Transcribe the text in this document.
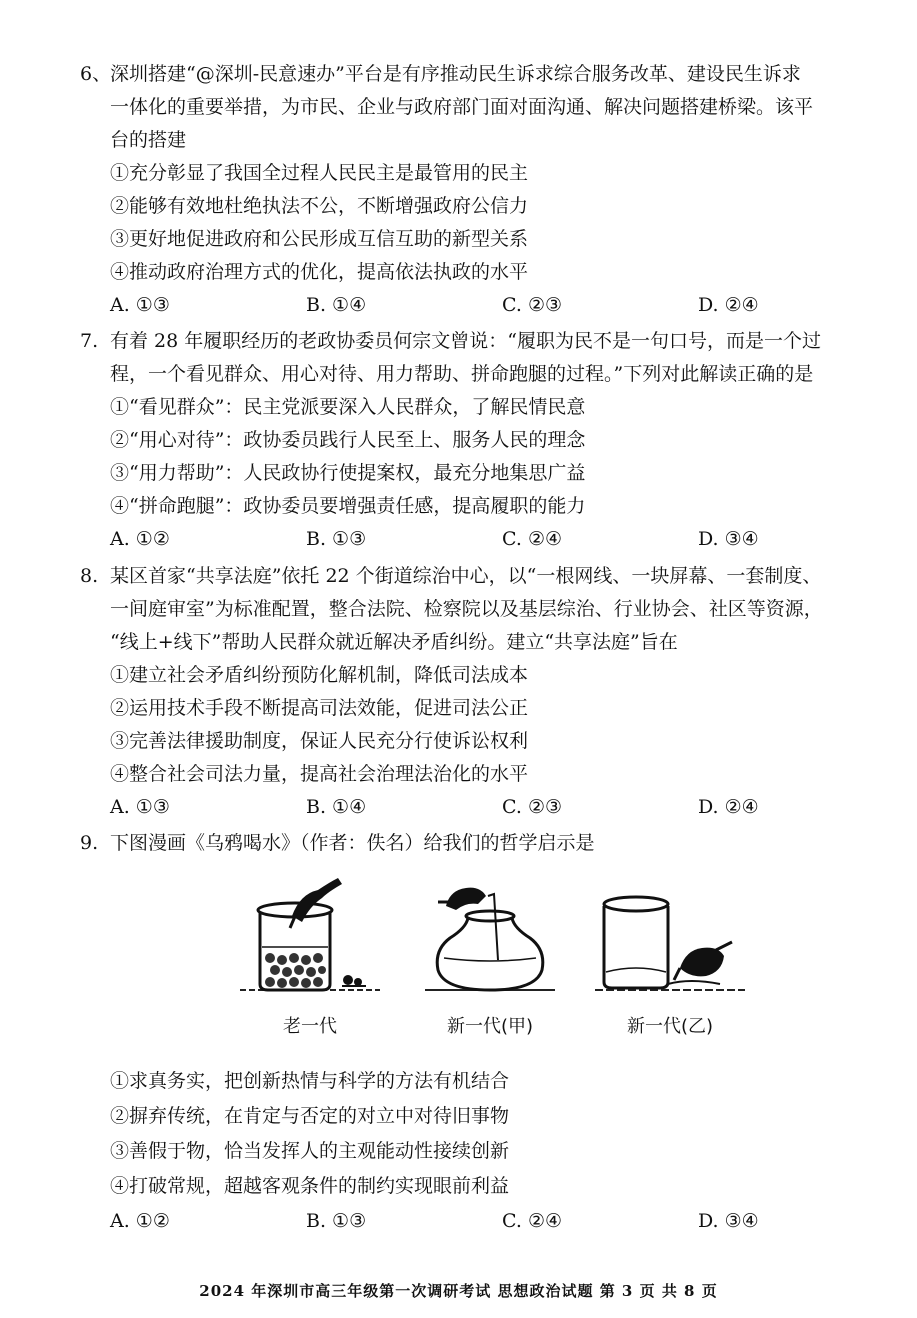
6、深圳搭建“@深圳-民意速办”平台是有序推动民生诉求综合服务改革、建设民生诉求
一体化的重要举措，为市民、企业与政府部门面对面沟通、解决问题搭建桥梁。该平
台的搭建
①充分彰显了我国全过程人民民主是最管用的民主
②能够有效地杜绝执法不公，不断增强政府公信力
③更好地促进政府和公民形成互信互助的新型关系
④推动政府治理方式的优化，提高依法执政的水平
A. ①③	B. ①④	C. ②③	D. ②④
7. 有着 28 年履职经历的老政协委员何宗文曾说：“履职为民不是一句口号，而是一个过
程，一个看见群众、用心对待、用力帮助、拼命跑腿的过程。”下列对此解读正确的是
①“看见群众”：民主党派要深入人民群众，了解民情民意
②“用心对待”：政协委员践行人民至上、服务人民的理念
③“用力帮助”：人民政协行使提案权，最充分地集思广益
④“拼命跑腿”：政协委员要增强责任感，提高履职的能力
A. ①②	B. ①③	C. ②④	D. ③④
8. 某区首家“共享法庭”依托 22 个街道综治中心，以“一根网线、一块屏幕、一套制度、
一间庭审室”为标准配置，整合法院、检察院以及基层综治、行业协会、社区等资源，
“线上+线下”帮助人民群众就近解决矛盾纠纷。建立“共享法庭”旨在
①建立社会矛盾纠纷预防化解机制，降低司法成本
②运用技术手段不断提高司法效能，促进司法公正
③完善法律援助制度，保证人民充分行使诉讼权利
④整合社会司法力量，提高社会治理法治化的水平
A. ①③	B. ①④	C. ②③	D. ②④
9. 下图漫画《乌鸦喝水》（作者：佚名）给我们的哲学启示是
老一代	新一代(甲)	新一代(乙)
①求真务实，把创新热情与科学的方法有机结合
②摒弃传统，在肯定与否定的对立中对待旧事物
③善假于物，恰当发挥人的主观能动性接续创新
④打破常规，超越客观条件的制约实现眼前利益
A. ①②	B. ①③	C. ②④	D. ③④
2024 年深圳市高三年级第一次调研考试 思想政治试题 第 3 页 共 8 页
